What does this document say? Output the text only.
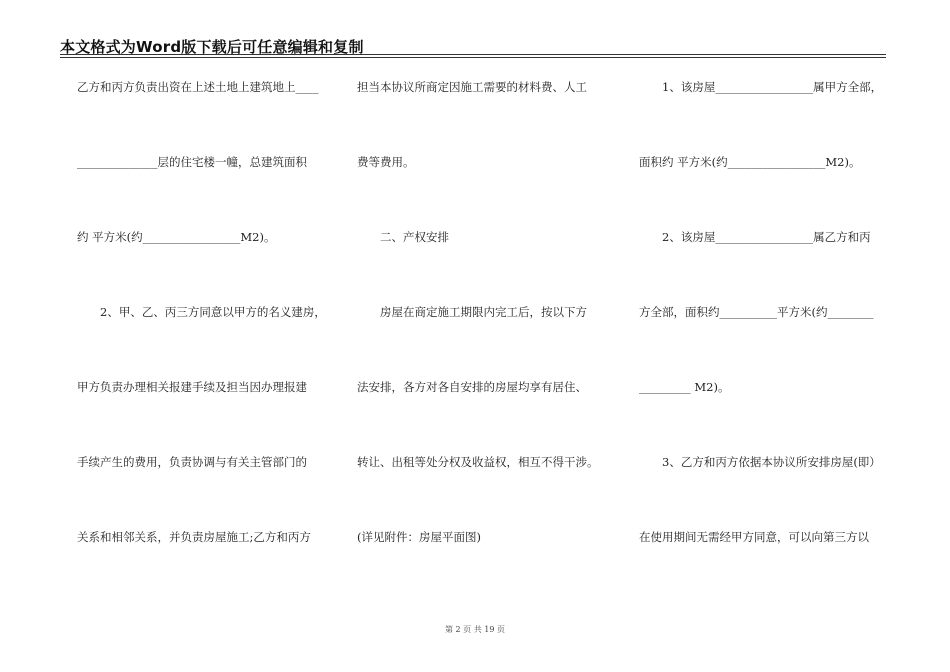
本文格式为Word版下载后可任意编辑和复制
乙方和丙方负责出资在上述土地上建筑地上____
______________层的住宅楼一幢，总建筑面积
约 平方米(约_________________M2)。
　　2、甲、乙、丙三方同意以甲方的名义建房，
甲方负责办理相关报建手续及担当因办理报建
手续产生的费用，负责协调与有关主管部门的
关系和相邻关系，并负责房屋施工;乙方和丙方
担当本协议所商定因施工需要的材料费、人工
费等费用。
　　二、产权安排
　　房屋在商定施工期限内完工后，按以下方
法安排，各方对各自安排的房屋均享有居住、
转让、出租等处分权及收益权，相互不得干涉。
(详见附件：房屋平面图)
　　1、该房屋_________________属甲方全部，
面积约 平方米(约_________________M2)。
　　2、该房屋_________________属乙方和丙
方全部，面积约__________平方米(约________
_________ M2)。
　　3、乙方和丙方依据本协议所安排房屋(即）
在使用期间无需经甲方同意，可以向第三方以
第 2 页 共 19 页
